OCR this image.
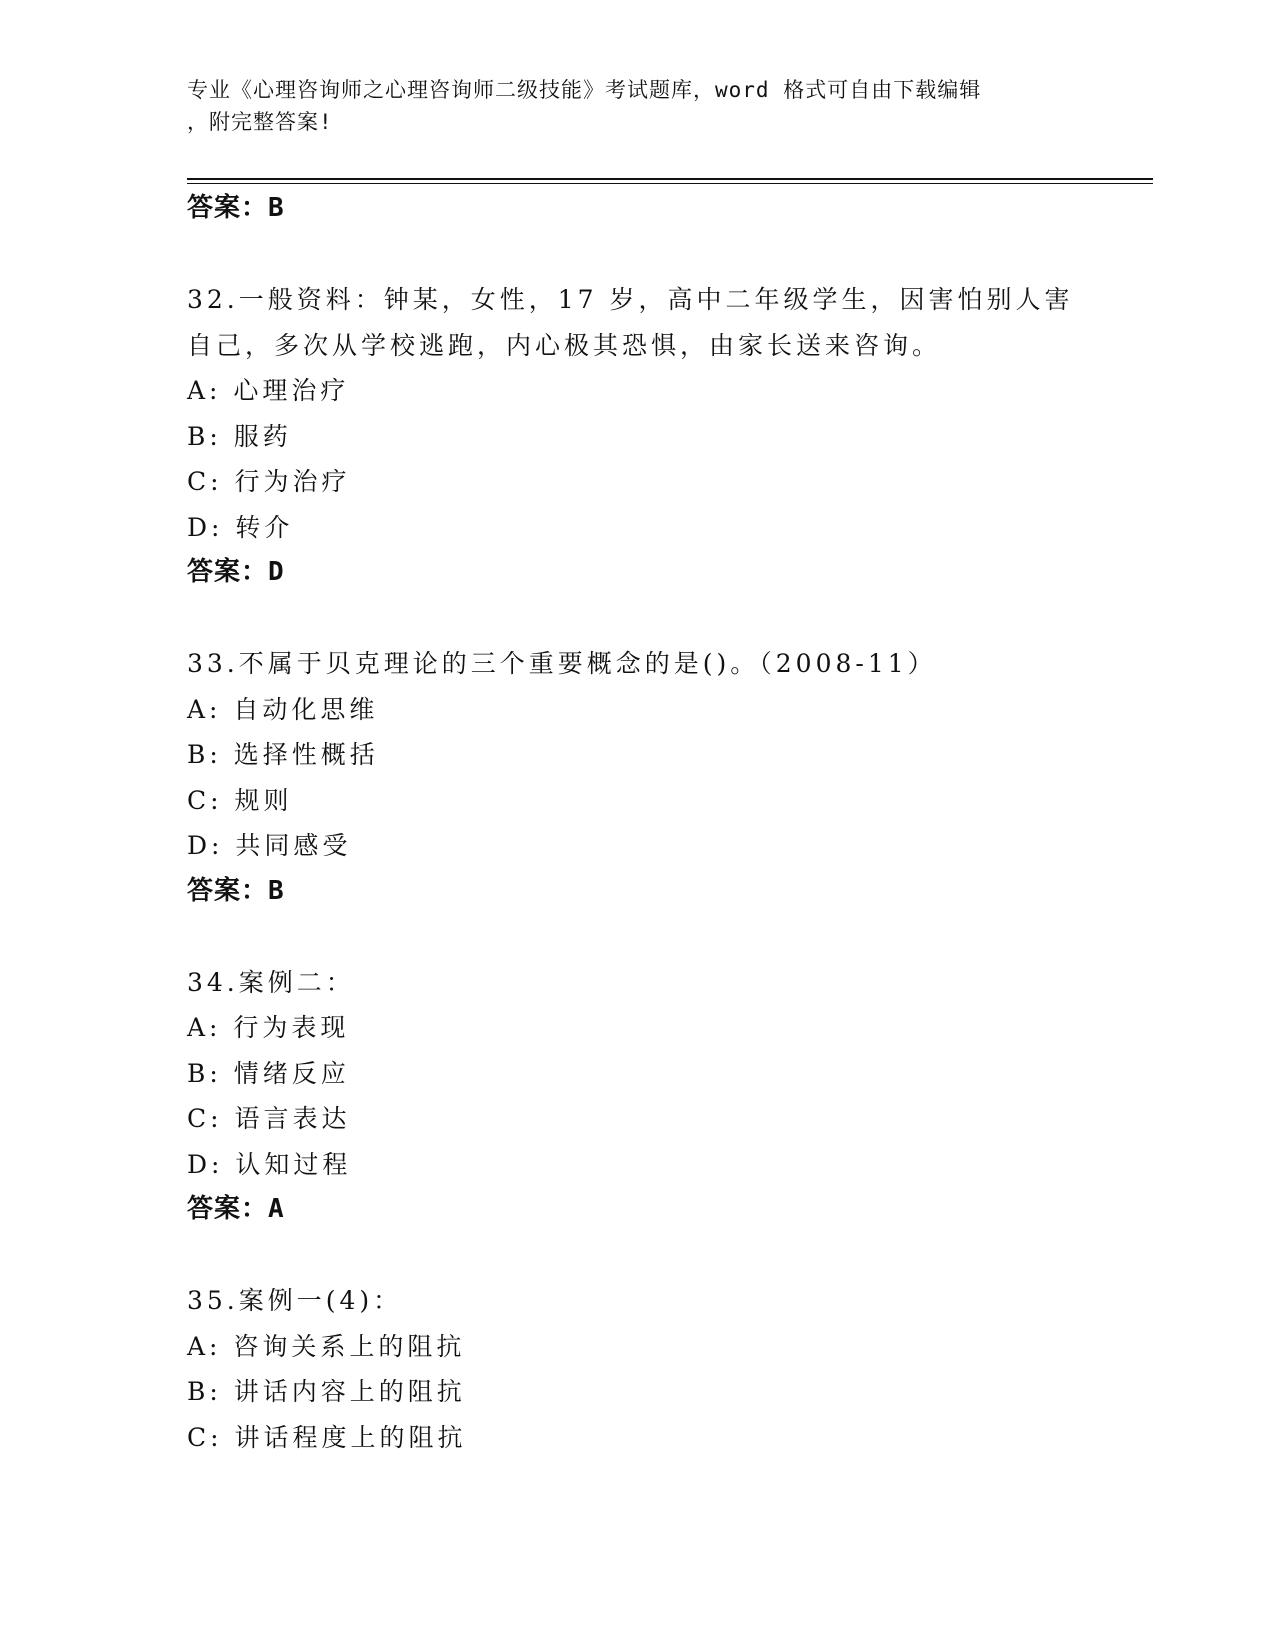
专业《心理咨询师之心理咨询师二级技能》考试题库，word 格式可自由下载编辑
，附完整答案!
答案：B
32.一般资料：钟某，女性，17 岁，高中二年级学生，因害怕别人害自己，多次从学校逃跑，内心极其恐惧，由家长送来咨询。
A: 心理治疗
B: 服药
C: 行为治疗
D: 转介
答案：D
33.不属于贝克理论的三个重要概念的是()。（2008-11）
A: 自动化思维
B: 选择性概括
C: 规则
D: 共同感受
答案：B
34.案例二：
A: 行为表现
B: 情绪反应
C: 语言表达
D: 认知过程
答案：A
35.案例一(4)：
A: 咨询关系上的阻抗
B: 讲话内容上的阻抗
C: 讲话程度上的阻抗
